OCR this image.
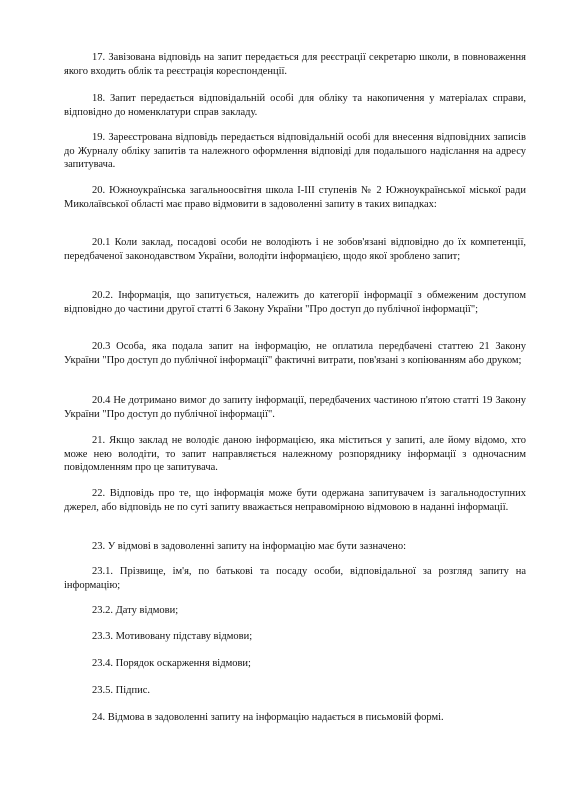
17. Завізована відповідь на запит передається для реєстрації секретарю школи, в повноваження якого входить облік та реєстрація кореспонденції.

18. Запит передається відповідальній особі для обліку та накопичення у матеріалах справи, відповідно до номенклатури справ закладу.

19. Зареєстрована відповідь передається відповідальній особі для внесення відповідних записів до Журналу обліку запитів та належного оформлення відповіді для подальшого надіслання на адресу запитувача.

20. Южноукраїнська загальноосвітня школа І-ІІІ ступенів № 2 Южноукраїнської міської ради Миколаївської області має право відмовити в задоволенні запиту в таких випадках:

20.1 Коли заклад, посадові особи не володіють і не зобов'язані відповідно до їх компетенції, передбаченої законодавством України, володіти інформацією, щодо якої зроблено запит;

20.2. Інформація, що запитується, належить до категорії інформації з обмеженим доступом відповідно до частини другої статті 6 Закону України "Про доступ до публічної інформації";

20.3 Особа, яка подала запит на інформацію, не оплатила передбачені статтею 21 Закону України "Про доступ до публічної інформації" фактичні витрати, пов'язані з копіюванням або друком;

20.4 Не дотримано вимог до запиту інформації, передбачених частиною п'ятою статті 19 Закону України "Про доступ до публічної інформації".

21. Якщо заклад не володіє даною інформацією, яка міститься у запиті, але йому відомо, хто може нею володіти, то запит направляється належному розпоряднику інформації з одночасним повідомленням про це запитувача.

22. Відповідь про те, що інформація може бути одержана запитувачем із загальнодоступних джерел, або відповідь не по суті запиту вважається неправомірною відмовою в наданні інформації.

23. У відмові в задоволенні запиту на інформацію має бути зазначено:

23.1. Прізвище, ім'я, по батькові та посаду особи, відповідальної за розгляд запиту на інформацію;

23.2. Дату відмови;

23.3. Мотивовану підставу відмови;

23.4. Порядок оскарження відмови;

23.5. Підпис.

24. Відмова в задоволенні запиту на інформацію надається в письмовій формі.
